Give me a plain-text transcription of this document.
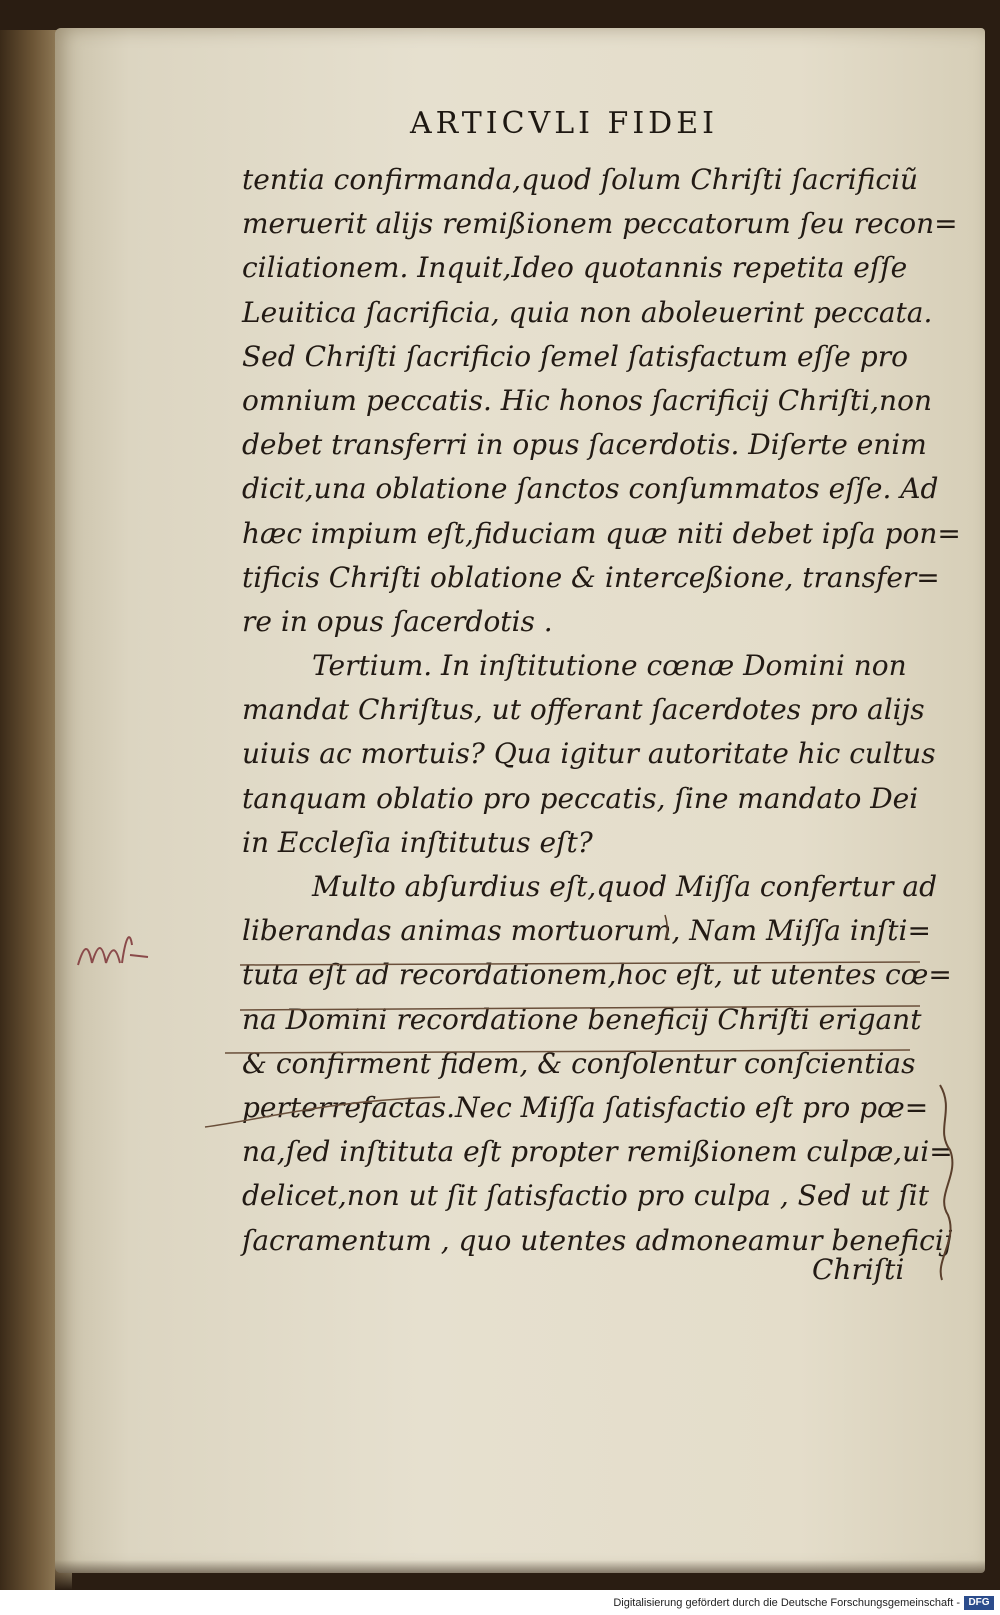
ARTICVLI FIDEI
tentia confirmanda,quod ſolum Chriſti ſacrificiũ
meruerit alijs remißionem peccatorum ſeu recon=
ciliationem. Inquit,Ideo quotannis repetita eſſe
Leuitica ſacrificia, quia non aboleuerint peccata.
Sed Chriſti ſacrificio ſemel ſatisfactum eſſe pro
omnium peccatis. Hic honos ſacrificij Chriſti,non
debet transferri in opus ſacerdotis. Diſerte enim
dicit,una oblatione ſanctos conſummatos eſſe. Ad
hæc impium eſt,fiduciam quæ niti debet ipſa pon=
tificis Chriſti oblatione & interceßione, transfer=
re in opus ſacerdotis .
Tertium. In inſtitutione cœnæ Domini non
mandat Chriſtus, ut offerant ſacerdotes pro alijs
uiuis ac mortuis? Qua igitur autoritate hic cultus
tanquam oblatio pro peccatis, ſine mandato Dei
in Eccleſia inſtitutus eſt?
Multo abſurdius eſt,quod Miſſa confertur ad
liberandas animas mortuorum, Nam Miſſa inſti=
tuta eſt ad recordationem,hoc eſt, ut utentes cœ=
na Domini recordatione beneficij Chriſti erigant
& confirment fidem, & conſolentur conſcientias
perterrefactas.Nec Miſſa ſatisfactio eſt pro pœ=
na,ſed inſtituta eſt propter remißionem culpæ,ui=
delicet,non ut ſit ſatisfactio pro culpa , Sed ut ſit
ſacramentum , quo utentes admoneamur beneficij
Chriſti
Digitalisierung gefördert durch die Deutsche Forschungsgemeinschaft - DFG
